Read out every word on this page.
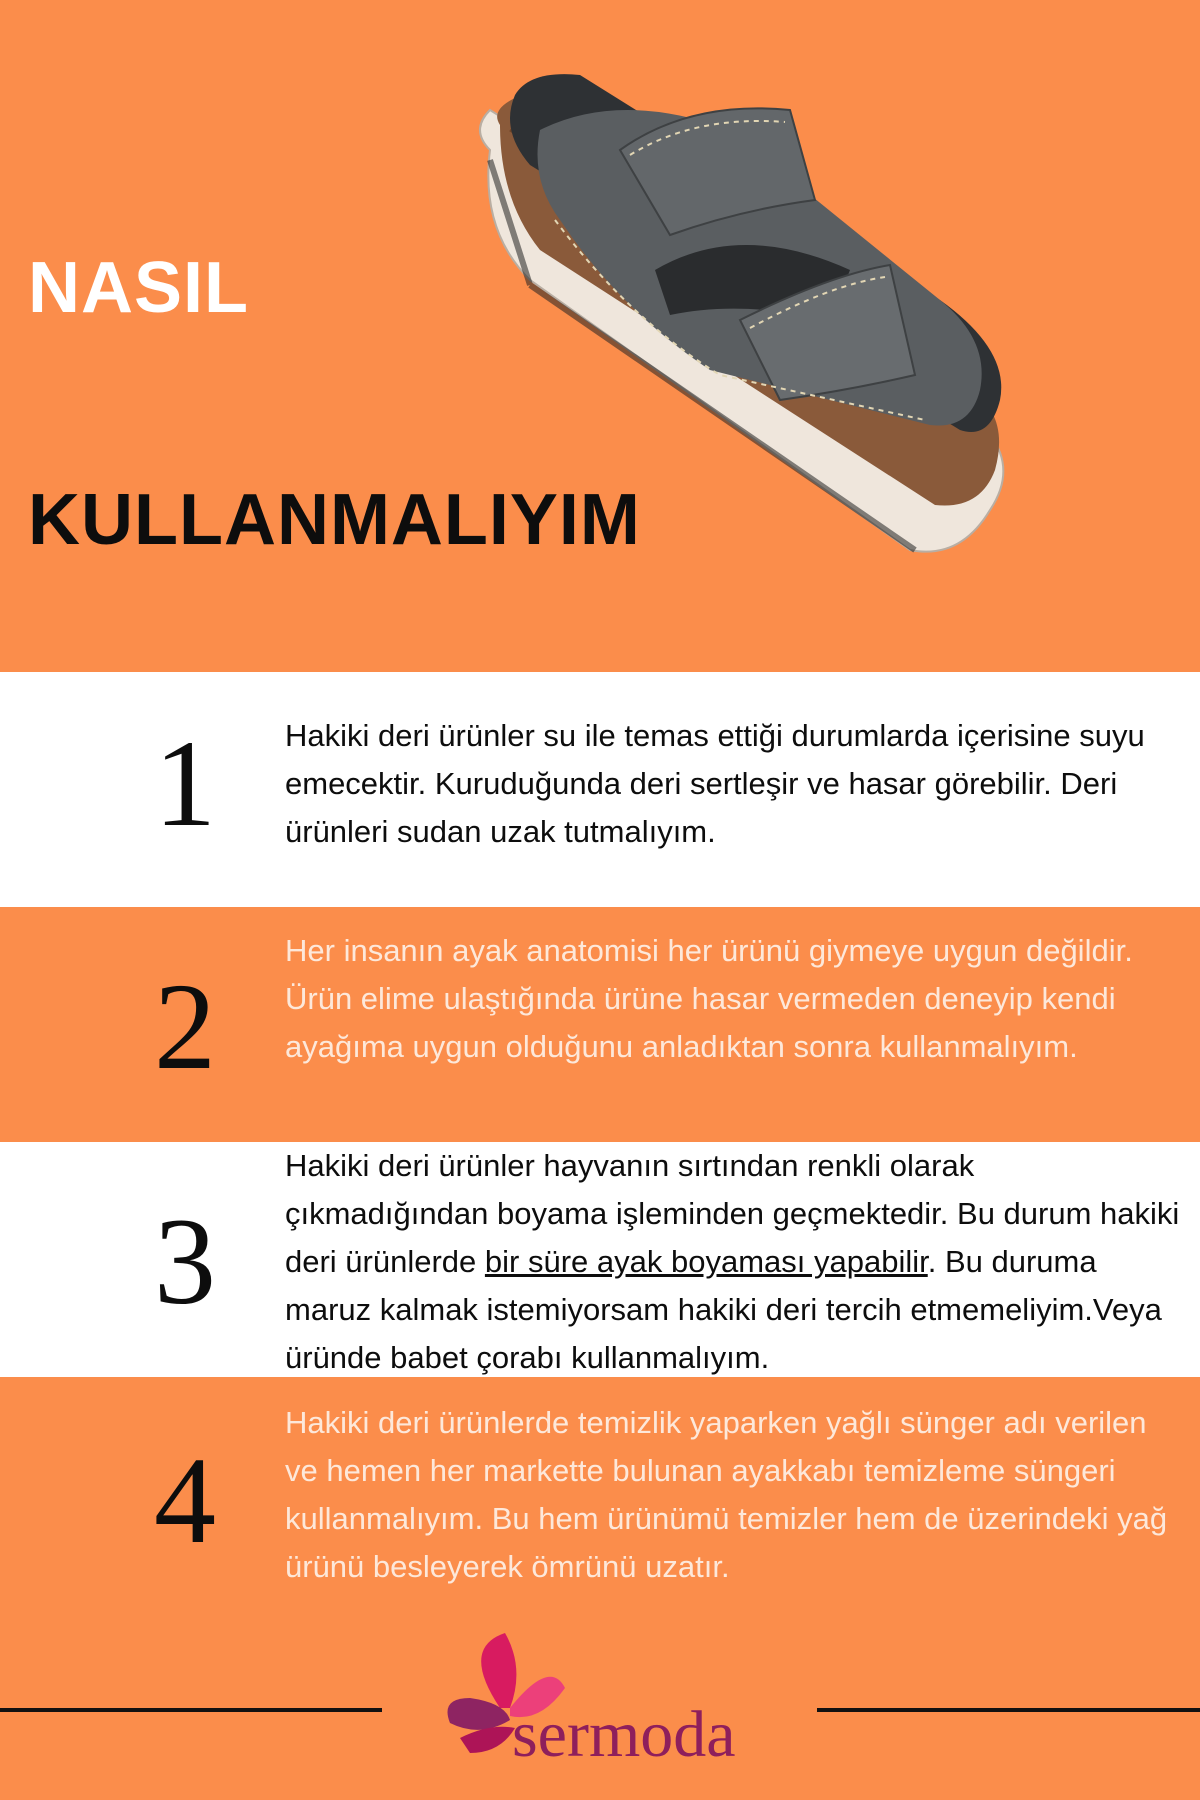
NASIL
KULLANMALIYIM
1	Hakiki deri ürünler su ile temas ettiği durumlarda içerisine suyu emecektir. Kuruduğunda deri sertleşir ve hasar görebilir. Deri ürünleri sudan uzak tutmalıyım.
2
Her insanın ayak anatomisi her ürünü giymeye uygun değildir. Ürün elime ulaştığında ürüne hasar vermeden deneyip kendi ayağıma uygun olduğunu anladıktan sonra kullanmalıyım.
3
Hakiki deri ürünler hayvanın sırtından renkli olarak çıkmadığından boyama işleminden geçmektedir. Bu durum hakiki deri ürünlerde bir süre ayak boyaması yapabilir. Bu duruma maruz kalmak istemiyorsam hakiki deri tercih etmemeliyim.Veya üründe babet çorabı kullanmalıyım.
4
Hakiki deri ürünlerde temizlik yaparken yağlı sünger adı verilen ve hemen her markette bulunan ayakkabı temizleme süngeri kullanmalıyım. Bu hem ürünümü temizler hem de üzerindeki yağ ürünü besleyerek ömrünü uzatır.
sermoda
